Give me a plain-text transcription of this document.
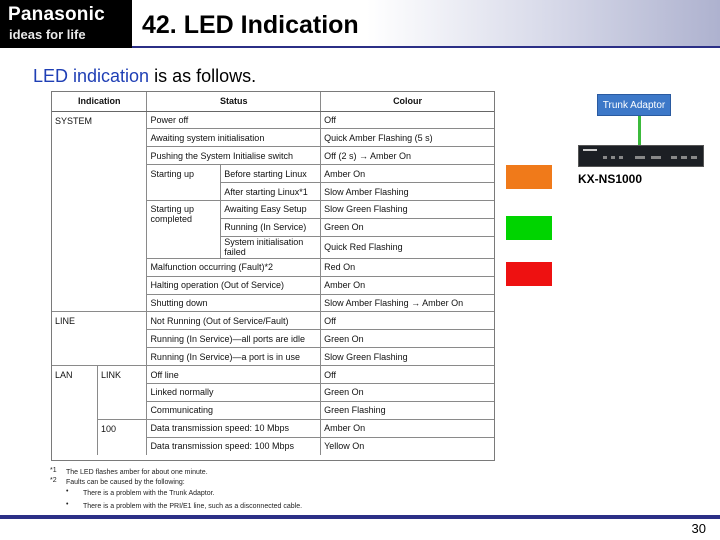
Panasonic
ideas for life 42. LED Indication
LED indication is as follows.
Indication		Status		Colour
SYSTEM		Power off		Off
		Awaiting system initialisation		Quick Amber Flashing (5 s)
		Pushing the System Initialise switch		Off (2 s) → Amber On
		Starting up	Before starting Linux	Amber On
			After starting Linux*1	Slow Amber Flashing
		Starting up completed	Awaiting Easy Setup	Slow Green Flashing
			Running (In Service)	Green On
			System initialisation failed	Quick Red Flashing
		Malfunction occurring (Fault)*2		Red On
		Halting operation (Out of Service)		Amber On
		Shutting down		Slow Amber Flashing → Amber On
LINE		Not Running (Out of Service/Fault)		Off
		Running (In Service)—all ports are idle		Green On
		Running (In Service)—a port is in use		Slow Green Flashing
LAN	LINK	Off line		Off
		Linked normally		Green On
		Communicating		Green Flashing
	100	Data transmission speed: 10 Mbps		Amber On
		Data transmission speed: 100 Mbps		Yellow On
*1 The LED flashes amber for about one minute.
*2 Faults can be caused by the following:
• There is a problem with the Trunk Adaptor.
• There is a problem with the PRI/E1 line, such as a disconnected cable.
Trunk Adaptor
KX-NS1000
30
